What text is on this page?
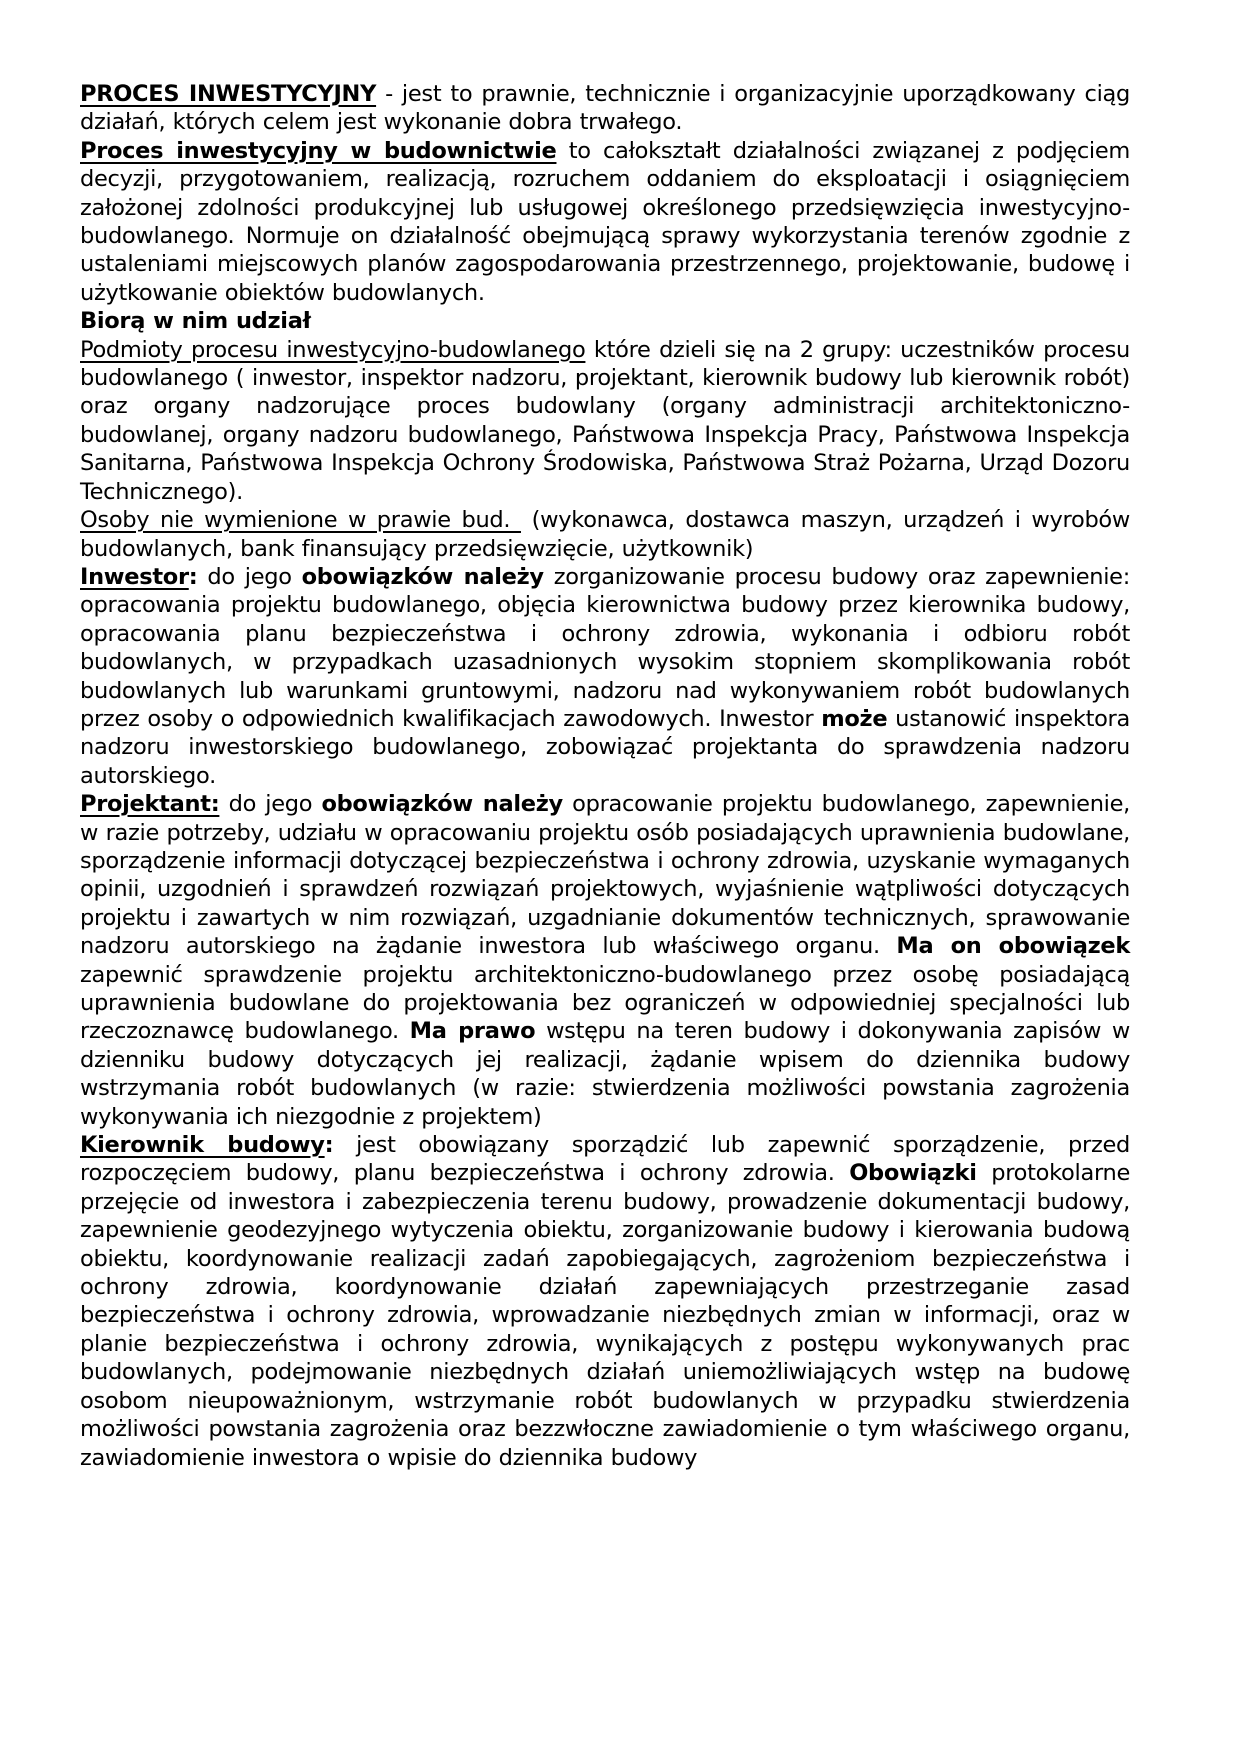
PROCES INWESTYCYJNY - jest to prawnie, technicznie i organizacyjnie uporządkowany ciąg działań, których celem jest wykonanie dobra trwałego.

Proces inwestycyjny w budownictwie to całokształt działalności związanej z podjęciem decyzji, przygotowaniem, realizacją, rozruchem oddaniem do eksploatacji i osiągnięciem założonej zdolności produkcyjnej lub usługowej określonego przedsięwzięcia inwestycyjno-budowlanego. Normuje on działalność obejmującą sprawy wykorzystania terenów zgodnie z ustaleniami miejscowych planów zagospodarowania przestrzennego, projektowanie, budowę i użytkowanie obiektów budowlanych.

Biorą w nim udział

Podmioty procesu inwestycyjno-budowlanego które dzieli się na 2 grupy: uczestników procesu budowlanego ( inwestor, inspektor nadzoru, projektant, kierownik budowy lub kierownik robót) oraz organy nadzorujące proces budowlany (organy administracji architektoniczno-budowlanej, organy nadzoru budowlanego, Państwowa Inspekcja Pracy, Państwowa Inspekcja Sanitarna, Państwowa Inspekcja Ochrony Środowiska, Państwowa Straż Pożarna, Urząd Dozoru Technicznego).

Osoby nie wymienione w prawie bud.  (wykonawca, dostawca maszyn, urządzeń i wyrobów budowlanych, bank finansujący przedsięwzięcie, użytkownik)

Inwestor: do jego obowiązków należy zorganizowanie procesu budowy oraz zapewnienie: opracowania projektu budowlanego, objęcia kierownictwa budowy przez kierownika budowy, opracowania planu bezpieczeństwa i ochrony zdrowia, wykonania i odbioru robót budowlanych, w przypadkach uzasadnionych wysokim stopniem skomplikowania robót budowlanych lub warunkami gruntowymi, nadzoru nad wykonywaniem robót budowlanych przez osoby o odpowiednich kwalifikacjach zawodowych. Inwestor może ustanowić inspektora nadzoru inwestorskiego budowlanego, zobowiązać projektanta do sprawdzenia nadzoru autorskiego.

Projektant: do jego obowiązków należy opracowanie projektu budowlanego, zapewnienie, w razie potrzeby, udziału w opracowaniu projektu osób posiadających uprawnienia budowlane, sporządzenie informacji dotyczącej bezpieczeństwa i ochrony zdrowia, uzyskanie wymaganych opinii, uzgodnień i sprawdzeń rozwiązań projektowych, wyjaśnienie wątpliwości dotyczących projektu i zawartych w nim rozwiązań, uzgadnianie dokumentów technicznych, sprawowanie nadzoru autorskiego na żądanie inwestora lub właściwego organu. Ma on obowiązek zapewnić sprawdzenie projektu architektoniczno-budowlanego przez osobę posiadającą uprawnienia budowlane do projektowania bez ograniczeń w odpowiedniej specjalności lub rzeczoznawcę budowlanego. Ma prawo wstępu na teren budowy i dokonywania zapisów w dzienniku budowy dotyczących jej realizacji, żądanie wpisem do dziennika budowy wstrzymania robót budowlanych (w razie: stwierdzenia możliwości powstania zagrożenia wykonywania ich niezgodnie z projektem)

Kierownik budowy: jest obowiązany sporządzić lub zapewnić sporządzenie, przed rozpoczęciem budowy, planu bezpieczeństwa i ochrony zdrowia. Obowiązki protokolarne przejęcie od inwestora i zabezpieczenia terenu budowy, prowadzenie dokumentacji budowy, zapewnienie geodezyjnego wytyczenia obiektu, zorganizowanie budowy i kierowania budową obiektu, koordynowanie realizacji zadań zapobiegających, zagrożeniom bezpieczeństwa i ochrony zdrowia, koordynowanie działań zapewniających przestrzeganie zasad bezpieczeństwa i ochrony zdrowia, wprowadzanie niezbędnych zmian w informacji, oraz w planie bezpieczeństwa i ochrony zdrowia, wynikających z postępu wykonywanych prac budowlanych, podejmowanie niezbędnych działań uniemożliwiających wstęp na budowę osobom nieupoważnionym, wstrzymanie robót budowlanych w przypadku stwierdzenia możliwości powstania zagrożenia oraz bezzwłoczne zawiadomienie o tym właściwego organu, zawiadomienie inwestora o wpisie do dziennika budowy
